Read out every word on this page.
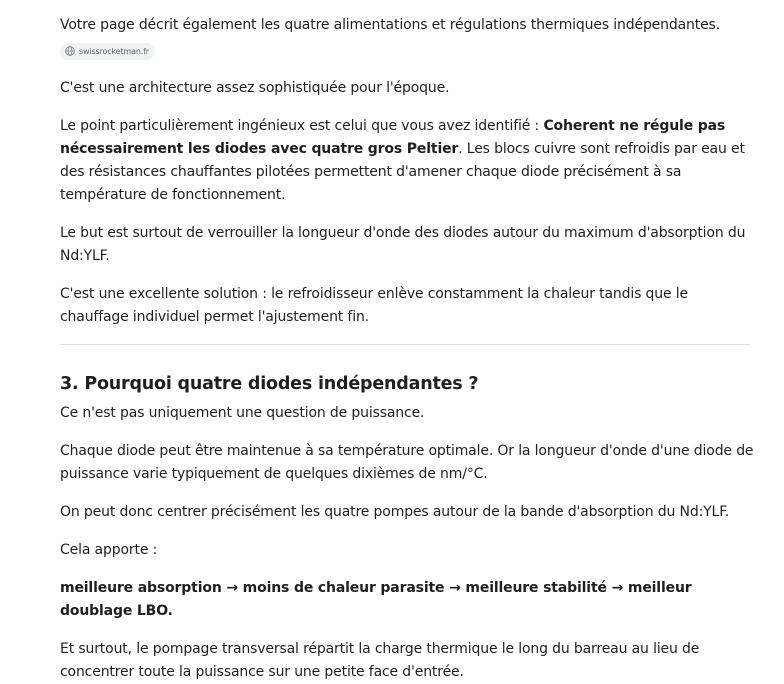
Votre page décrit également les quatre alimentations et régulations thermiques indépendantes.

swissrocketman.fr

C'est une architecture assez sophistiquée pour l'époque.

Le point particulièrement ingénieux est celui que vous avez identifié : Coherent ne régule pas nécessairement les diodes avec quatre gros Peltier. Les blocs cuivre sont refroidis par eau et des résistances chauffantes pilotées permettent d'amener chaque diode précisément à sa température de fonctionnement.

Le but est surtout de verrouiller la longueur d'onde des diodes autour du maximum d'absorption du Nd:YLF.

C'est une excellente solution : le refroidisseur enlève constamment la chaleur tandis que le chauffage individuel permet l'ajustement fin.

3. Pourquoi quatre diodes indépendantes ?

Ce n'est pas uniquement une question de puissance.

Chaque diode peut être maintenue à sa température optimale. Or la longueur d'onde d'une diode de puissance varie typiquement de quelques dixièmes de nm/°C.

On peut donc centrer précisément les quatre pompes autour de la bande d'absorption du Nd:YLF.

Cela apporte :

meilleure absorption → moins de chaleur parasite → meilleure stabilité → meilleur doublage LBO.

Et surtout, le pompage transversal répartit la charge thermique le long du barreau au lieu de concentrer toute la puissance sur une petite face d'entrée.
